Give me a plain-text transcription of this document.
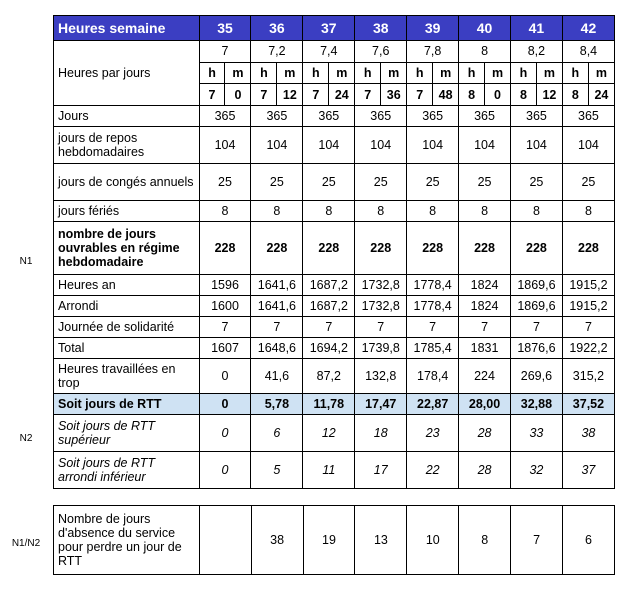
N1
N2
N1/N2
Heures semaine	35		36		37		38		39		40		41		42	
Heures par jours	7		7,2		7,4		7,6		7,8		8		8,2		8,4	
	h	m	h	m	h	m	h	m	h	m	h	m	h	m	h	m
	7	0	7	12	7	24	7	36	7	48	8	0	8	12	8	24
Jours	365		365		365		365		365		365		365		365	
jours de repos hebdomadaires	104		104		104		104		104		104		104		104	
jours de congés annuels	25		25		25		25		25		25		25		25	
jours fériés	8		8		8		8		8		8		8		8	
nombre de jours ouvrables en régime hebdomadaire	228		228		228		228		228		228		228		228	
Heures an	1596		1641,6		1687,2		1732,8		1778,4		1824		1869,6		1915,2	
Arrondi	1600		1641,6		1687,2		1732,8		1778,4		1824		1869,6		1915,2	
Journée de solidarité	7		7		7		7		7		7		7		7	
Total	1607		1648,6		1694,2		1739,8		1785,4		1831		1876,6		1922,2	
Heures travaillées en trop	0		41,6		87,2		132,8		178,4		224		269,6		315,2	
Soit jours de RTT	0		5,78		11,78		17,47		22,87		28,00		32,88		37,52	
Soit jours de RTT supérieur	0		6		12		18		23		28		33		38	
Soit jours de RTT arrondi inférieur	0		5		11		17		22		28		32		37	
Nombre de jours d'absence du service pour perdre un jour de RTT		38	19	13	10	8	7	6
